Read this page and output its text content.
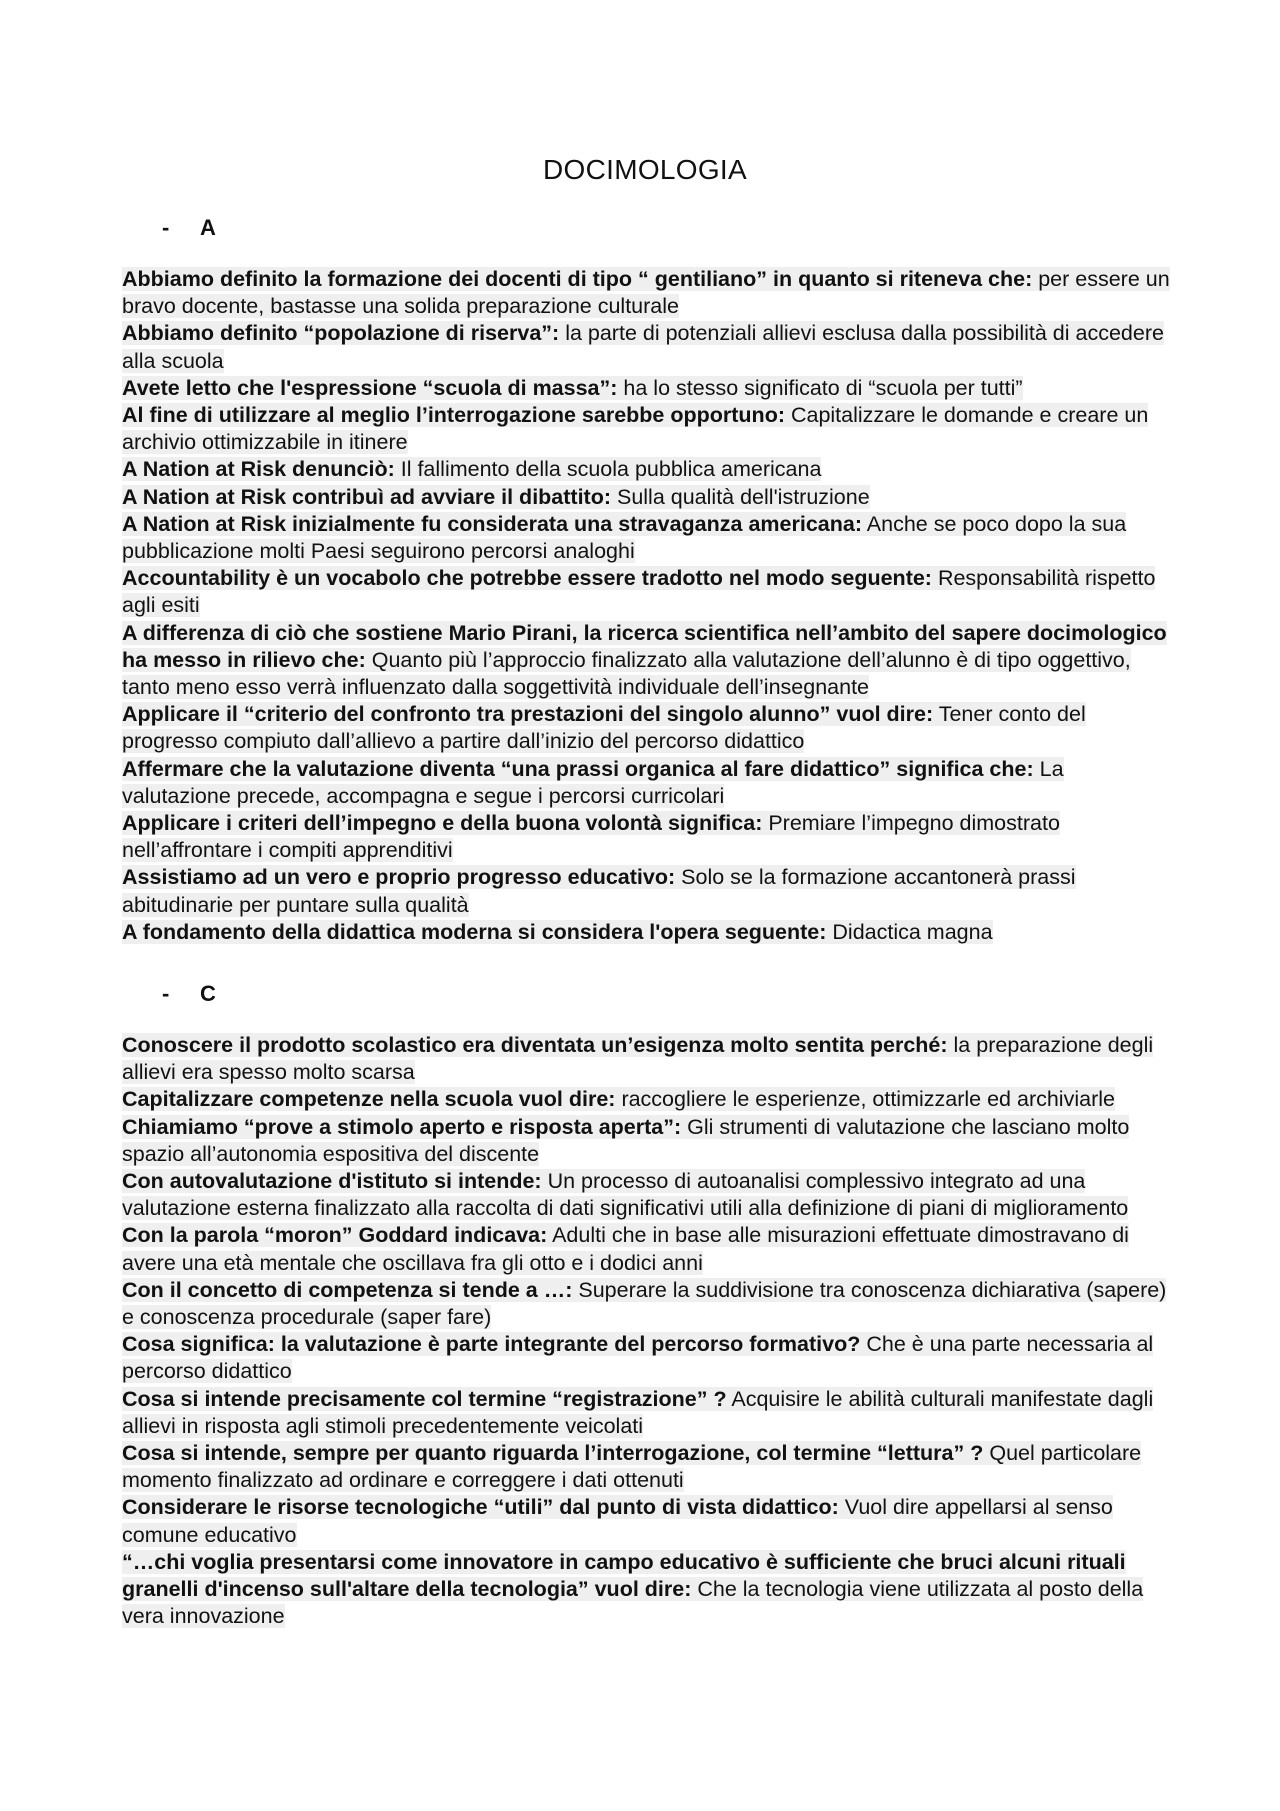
DOCIMOLOGIA
- A

Abbiamo definito la formazione dei docenti di tipo “ gentiliano” in quanto si riteneva che: per essere un bravo docente, bastasse una solida preparazione culturale

Abbiamo definito “popolazione di riserva”: la parte di potenziali allievi esclusa dalla possibilità di accedere alla scuola

Avete letto che l'espressione “scuola di massa”: ha lo stesso significato di “scuola per tutti”

Al fine di utilizzare al meglio l’interrogazione sarebbe opportuno: Capitalizzare le domande e creare un archivio ottimizzabile in itinere

A Nation at Risk denunciò: Il fallimento della scuola pubblica americana

A Nation at Risk contribuì ad avviare il dibattito: Sulla qualità dell'istruzione

A Nation at Risk inizialmente fu considerata una stravaganza americana: Anche se poco dopo la sua pubblicazione molti Paesi seguirono percorsi analoghi

Accountability è un vocabolo che potrebbe essere tradotto nel modo seguente: Responsabilità rispetto agli esiti

A differenza di ciò che sostiene Mario Pirani, la ricerca scientifica nell’ambito del sapere docimologico ha messo in rilievo che: Quanto più l’approccio finalizzato alla valutazione dell’alunno è di tipo oggettivo, tanto meno esso verrà influenzato dalla soggettività individuale dell’insegnante

Applicare il “criterio del confronto tra prestazioni del singolo alunno” vuol dire: Tener conto del progresso compiuto dall’allievo a partire dall’inizio del percorso didattico

Affermare che la valutazione diventa “una prassi organica al fare didattico” significa che: La valutazione precede, accompagna e segue i percorsi curricolari

Applicare i criteri dell’impegno e della buona volontà significa: Premiare l’impegno dimostrato nell’affrontare i compiti apprenditivi

Assistiamo ad un vero e proprio progresso educativo: Solo se la formazione accantonerà prassi abitudinarie per puntare sulla qualità

A fondamento della didattica moderna si considera l'opera seguente: Didactica magna

- C

Conoscere il prodotto scolastico era diventata un’esigenza molto sentita perché: la preparazione degli allievi era spesso molto scarsa

Capitalizzare competenze nella scuola vuol dire: raccogliere le esperienze, ottimizzarle ed archiviarle

Chiamiamo “prove a stimolo aperto e risposta aperta”: Gli strumenti di valutazione che lasciano molto spazio all’autonomia espositiva del discente

Con autovalutazione d'istituto si intende: Un processo di autoanalisi complessivo integrato ad una valutazione esterna finalizzato alla raccolta di dati significativi utili alla definizione di piani di miglioramento

Con la parola “moron” Goddard indicava: Adulti che in base alle misurazioni effettuate dimostravano di avere una età mentale che oscillava fra gli otto e i dodici anni

Con il concetto di competenza si tende a …: Superare la suddivisione tra conoscenza dichiarativa (sapere) e conoscenza procedurale (saper fare)

Cosa significa: la valutazione è parte integrante del percorso formativo? Che è una parte necessaria al percorso didattico

Cosa si intende precisamente col termine “registrazione” ? Acquisire le abilità culturali manifestate dagli allievi in risposta agli stimoli precedentemente veicolati

Cosa si intende, sempre per quanto riguarda l’interrogazione, col termine “lettura” ? Quel particolare momento finalizzato ad ordinare e correggere i dati ottenuti

Considerare le risorse tecnologiche “utili” dal punto di vista didattico: Vuol dire appellarsi al senso comune educativo

“…chi voglia presentarsi come innovatore in campo educativo è sufficiente che bruci alcuni rituali granelli d'incenso sull'altare della tecnologia” vuol dire: Che la tecnologia viene utilizzata al posto della vera innovazione
